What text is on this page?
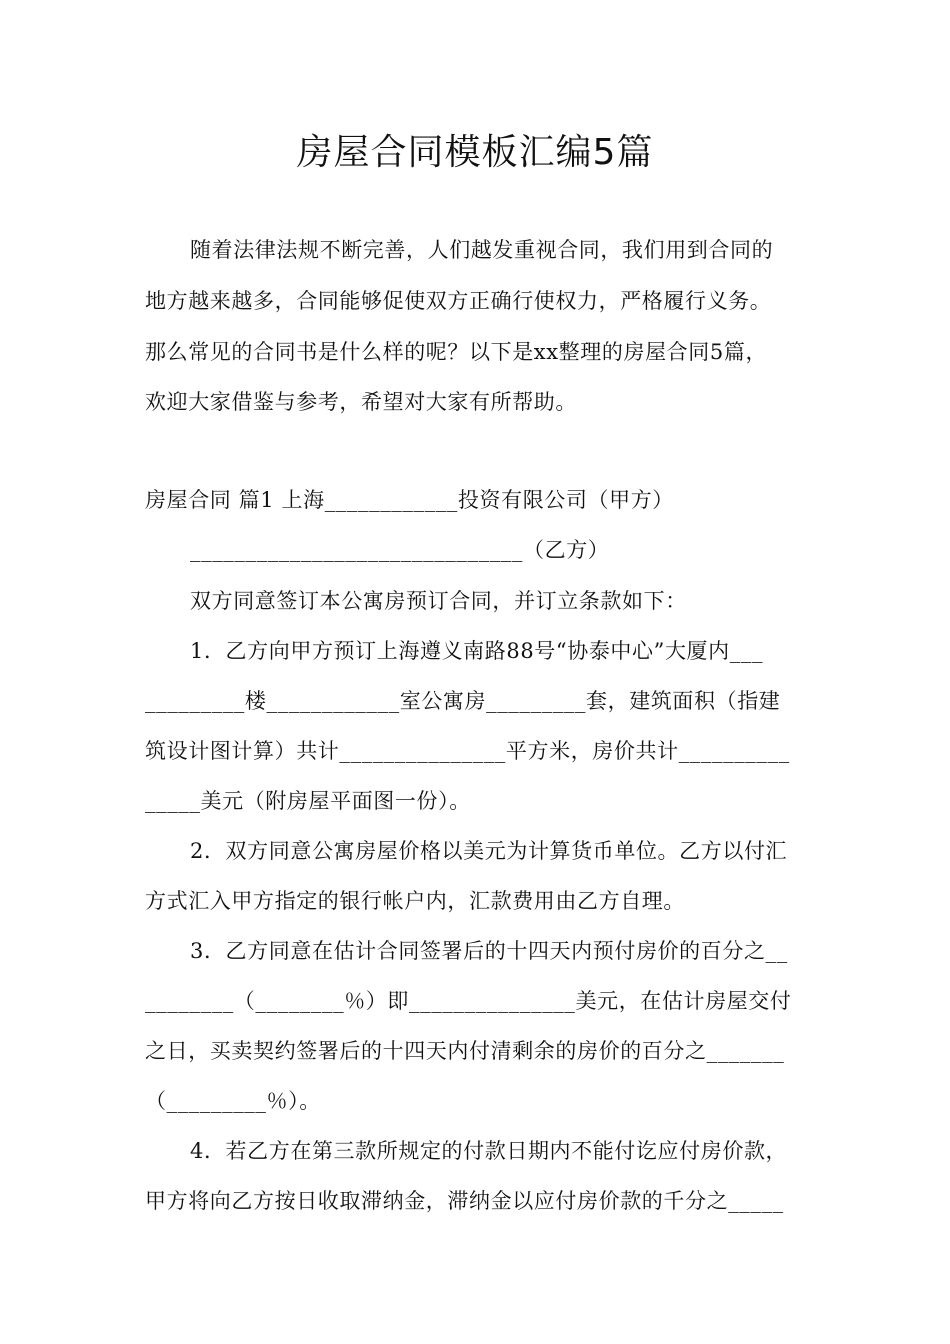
房屋合同模板汇编5篇
随着法律法规不断完善，人们越发重视合同，我们用到合同的
地方越来越多，合同能够促使双方正确行使权力，严格履行义务。
那么常见的合同书是什么样的呢？以下是xx整理的房屋合同5篇，
欢迎大家借鉴与参考，希望对大家有所帮助。
房屋合同 篇1 上海____________投资有限公司（甲方）
______________________________（乙方）
双方同意签订本公寓房预订合同，并订立条款如下：
1．乙方向甲方预订上海遵义南路88号“协泰中心”大厦内___
_________楼____________室公寓房_________套，建筑面积（指建
筑设计图计算）共计_______________平方米，房价共计__________
_____美元（附房屋平面图一份）。
2．双方同意公寓房屋价格以美元为计算货币单位。乙方以付汇
方式汇入甲方指定的银行帐户内，汇款费用由乙方自理。
3．乙方同意在估计合同签署后的十四天内预付房价的百分之__
________（________％）即_______________美元，在估计房屋交付
之日，买卖契约签署后的十四天内付清剩余的房价的百分之_______
（_________％）。
4．若乙方在第三款所规定的付款日期内不能付讫应付房价款，
甲方将向乙方按日收取滞纳金，滞纳金以应付房价款的千分之_____
